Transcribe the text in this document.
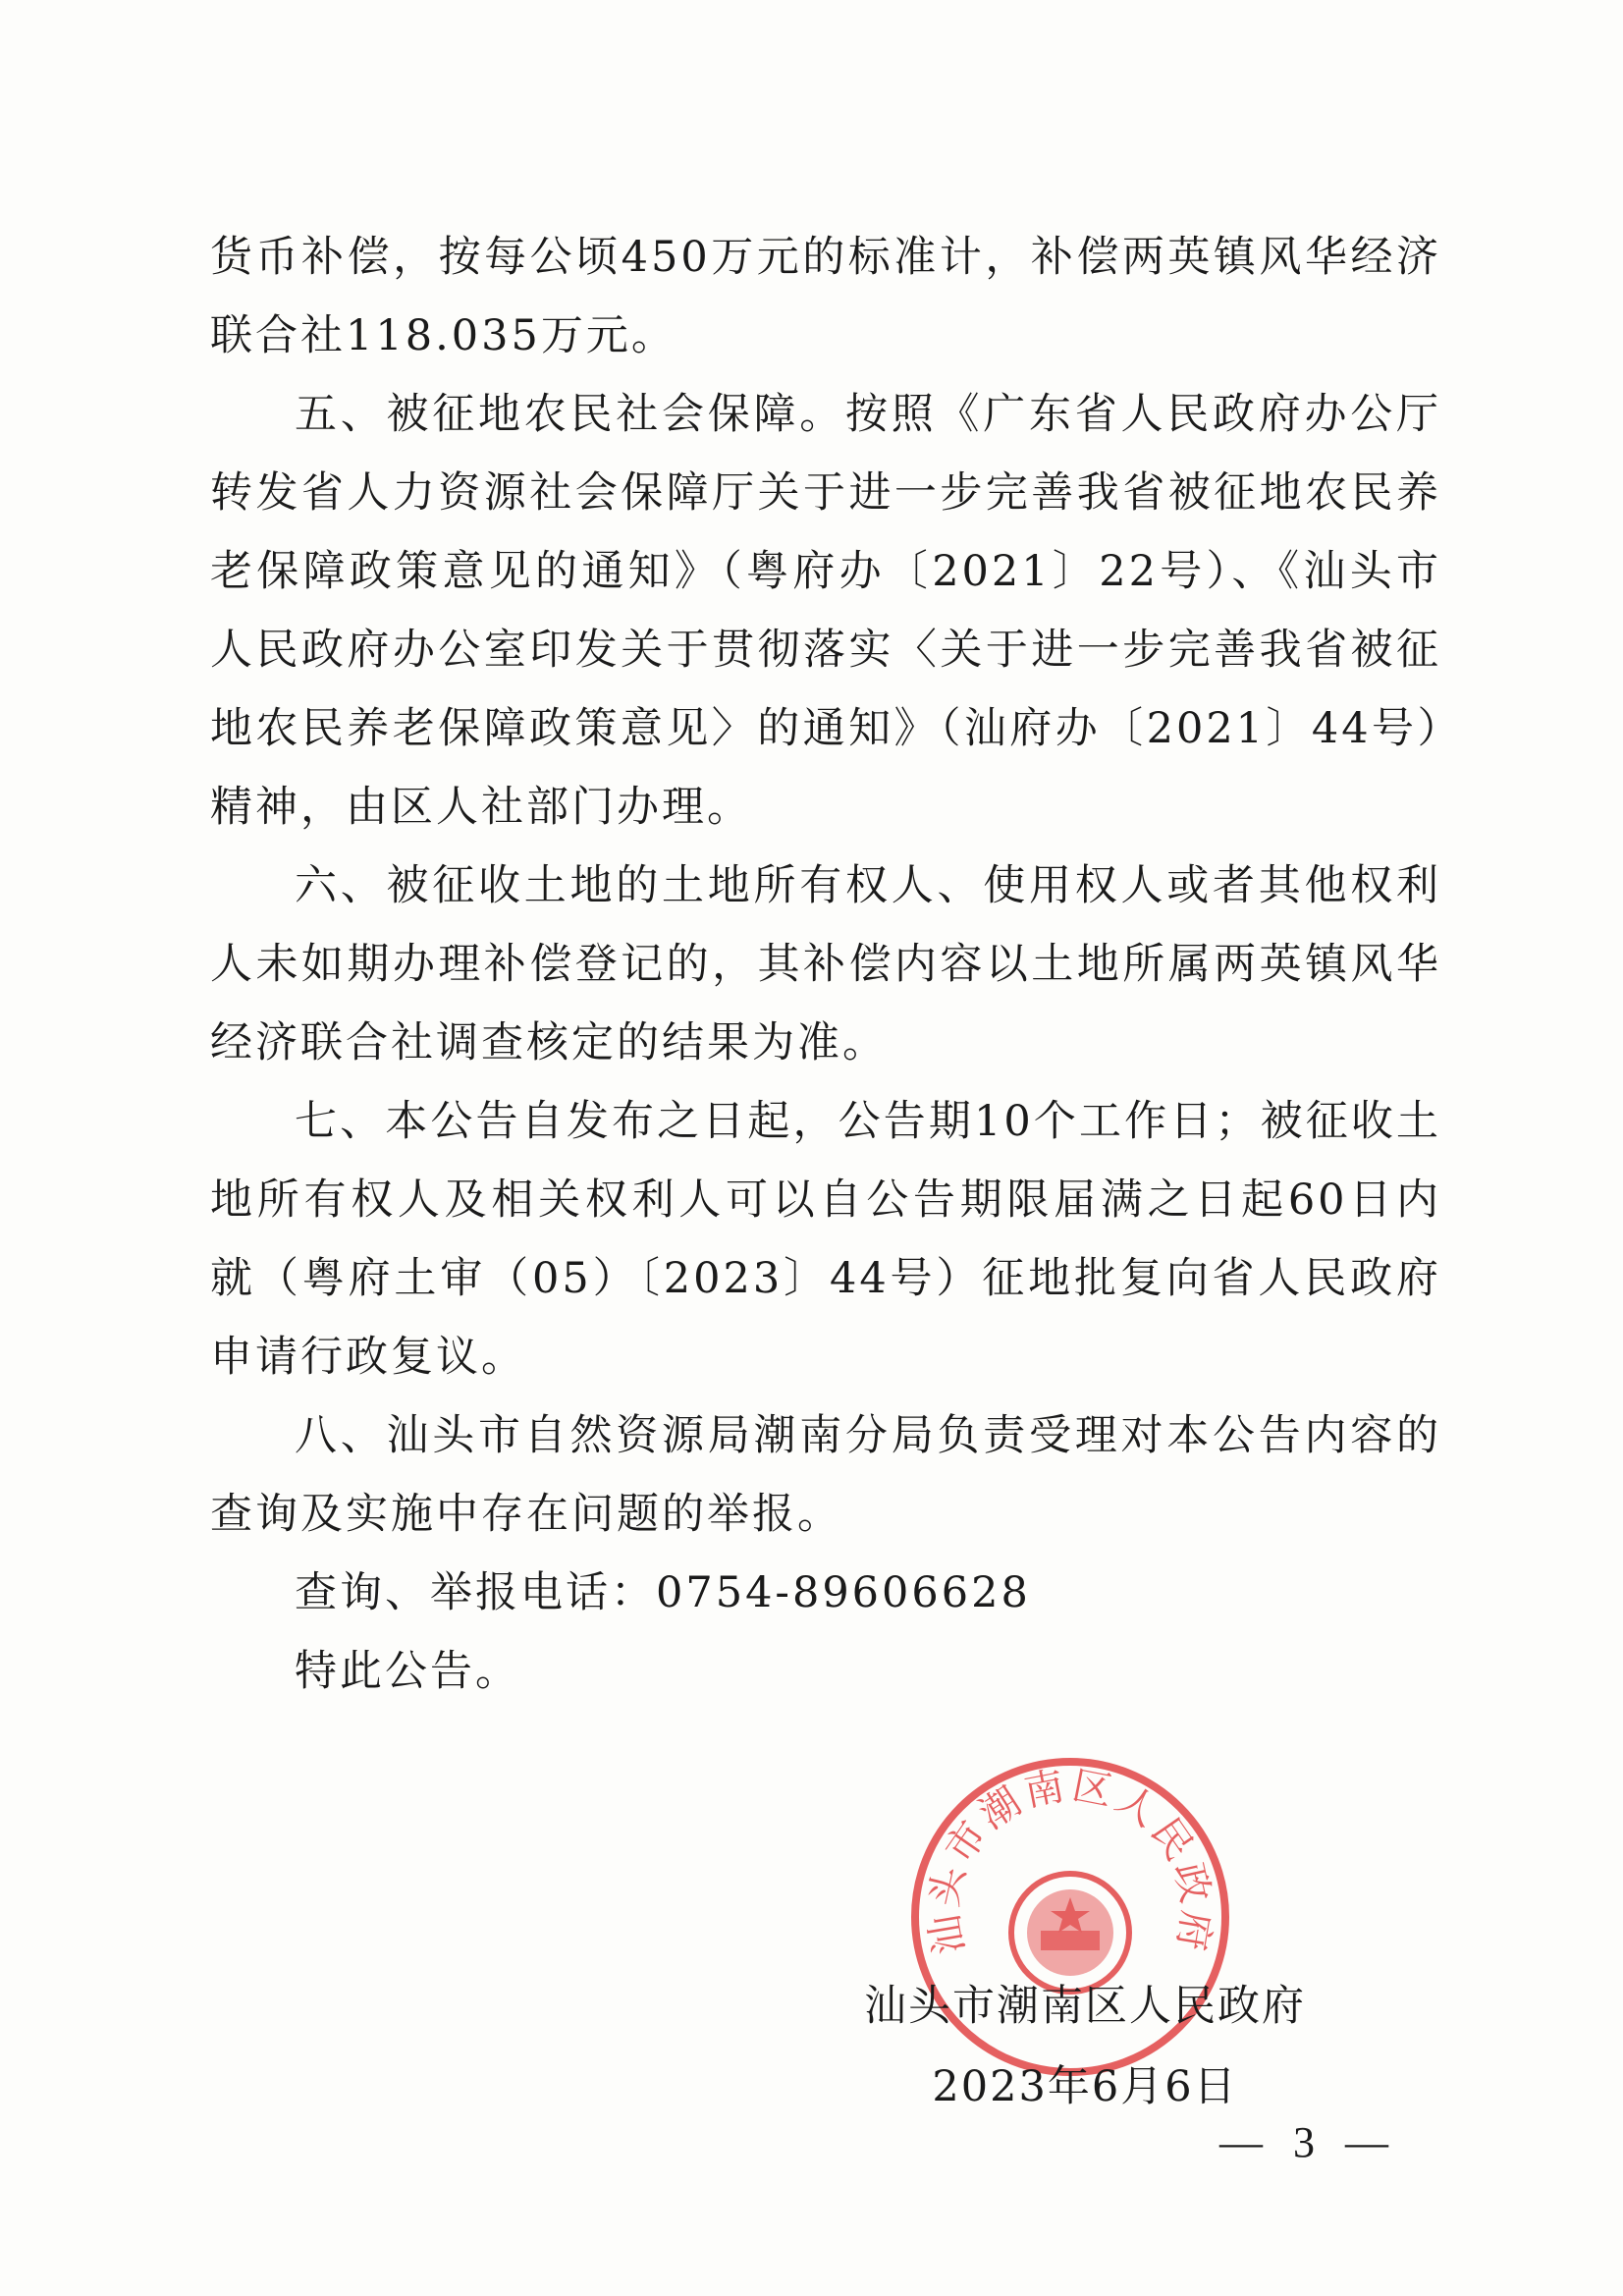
货币补偿，按每公顷450万元的标准计，补偿两英镇风华经济联合社118.035万元。

五、被征地农民社会保障。按照《广东省人民政府办公厅转发省人力资源社会保障厅关于进一步完善我省被征地农民养老保障政策意见的通知》（粤府办〔2021〕22号）、《汕头市人民政府办公室印发关于贯彻落实〈关于进一步完善我省被征地农民养老保障政策意见〉的通知》（汕府办〔2021〕44号）精神，由区人社部门办理。

六、被征收土地的土地所有权人、使用权人或者其他权利人未如期办理补偿登记的，其补偿内容以土地所属两英镇风华经济联合社调查核定的结果为准。

七、本公告自发布之日起，公告期10个工作日；被征收土地所有权人及相关权利人可以自公告期限届满之日起60日内就（粤府土审（05）〔2023〕44号）征地批复向省人民政府申请行政复议。

八、汕头市自然资源局潮南分局负责受理对本公告内容的查询及实施中存在问题的举报。

查询、举报电话：0754-89606628

特此公告。

汕头市潮南区人民政府
汕头市潮南区人民政府
2023年6月6日
— 3 —
